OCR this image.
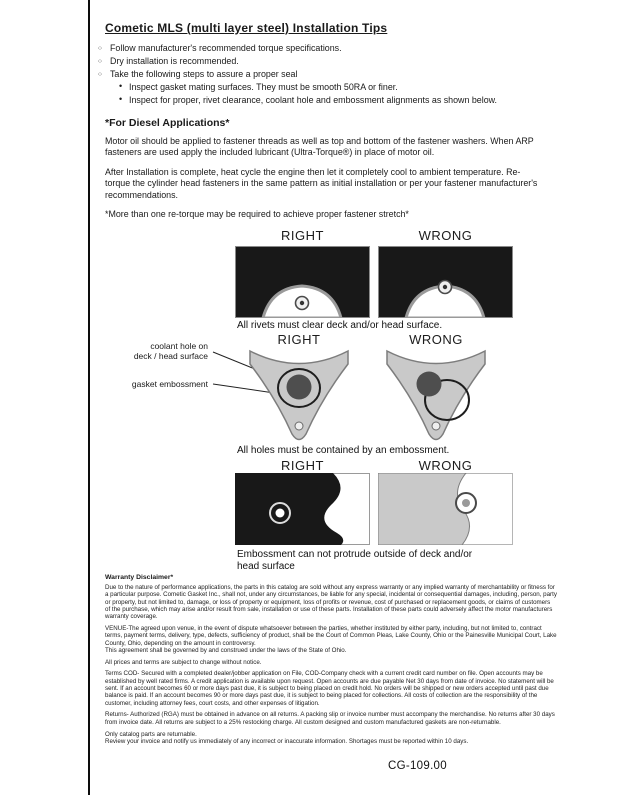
Cometic MLS (multi layer steel) Installation Tips
○ Follow manufacturer's recommended torque specifications.
○ Dry installation is recommended.
○ Take the following steps to assure a proper seal
• Inspect gasket mating surfaces. They must be smooth 50RA or finer.
• Inspect for proper, rivet clearance, coolant hole and embossment alignments as shown below.
*For Diesel Applications*

Motor oil should be applied to fastener threads as well as top and bottom of the fastener washers. When ARP fasteners are used apply the included lubricant (Ultra-Torque®) in place of motor oil.

After Installation is complete, heat cycle the engine then let it completely cool to ambient temperature. Re-torque the cylinder head fasteners in the same pattern as initial installation or per your fastener manufacturer's recommendations.

*More than one re-torque may be required to achieve proper fastener stretch*

RIGHT	WRONG
All rivets must clear deck and/or head surface.
RIGHT	WRONG
coolant hole on
deck / head surface
gasket embossment
All holes must be contained by an embossment.
RIGHT	WRONG
Embossment can not protrude outside of deck and/or head surface
Warranty Disclaimer*

Due to the nature of performance applications, the parts in this catalog are sold without any express warranty or any implied warranty of merchantability or fitness for a particular purpose. Cometic Gasket Inc., shall not, under any circumstances, be liable for any special, incidental or consequential damages, including, person, party or property, but not limited to, damage, or loss of property or equipment, loss of profits or revenue, cost of purchased or replacement goods, or claims of customers of the purchase, which may arise and/or result from sale, installation or use of these parts. Installation of these parts could adversely affect the motor manufacturers warranty coverage.

VENUE-The agreed upon venue, in the event of dispute whatsoever between the parties, whether instituted by either party, including, but not limited to, contract terms, payment terms, delivery, type, defects, sufficiency of product, shall be the Court of Common Pleas, Lake County, Ohio or the Painesville Municipal Court, Lake County, Ohio, depending on the amount in controversy.

This agreement shall be governed by and construed under the laws of the State of Ohio.

All prices and terms are subject to change without notice.

Terms COD- Secured with a completed dealer/jobber application on File, COD-Company check with a current credit card number on file. Open accounts may be established by well rated firms. A credit application is available upon request. Open accounts are due payable Net 30 days from date of invoice. No statement will be sent. If an account becomes 60 or more days past due, it is subject to being placed on credit hold. No orders will be shipped or new orders accepted until past due balance is paid. If an account becomes 90 or more days past due, it is subject to being placed for collections. All costs of collection are the responsibility of the customer, including attorney fees, court costs, and other expenses of litigation.

Returns- Authorized (RGA) must be obtained in advance on all returns. A packing slip or invoice number must accompany the merchandise. No returns after 30 days from invoice date. All returns are subject to a 25% restocking charge. All custom designed and custom manufactured gaskets are non-returnable.

Only catalog parts are returnable.

Review your invoice and notify us immediately of any incorrect or inaccurate information. Shortages must be reported within 10 days.

CG-109.00
